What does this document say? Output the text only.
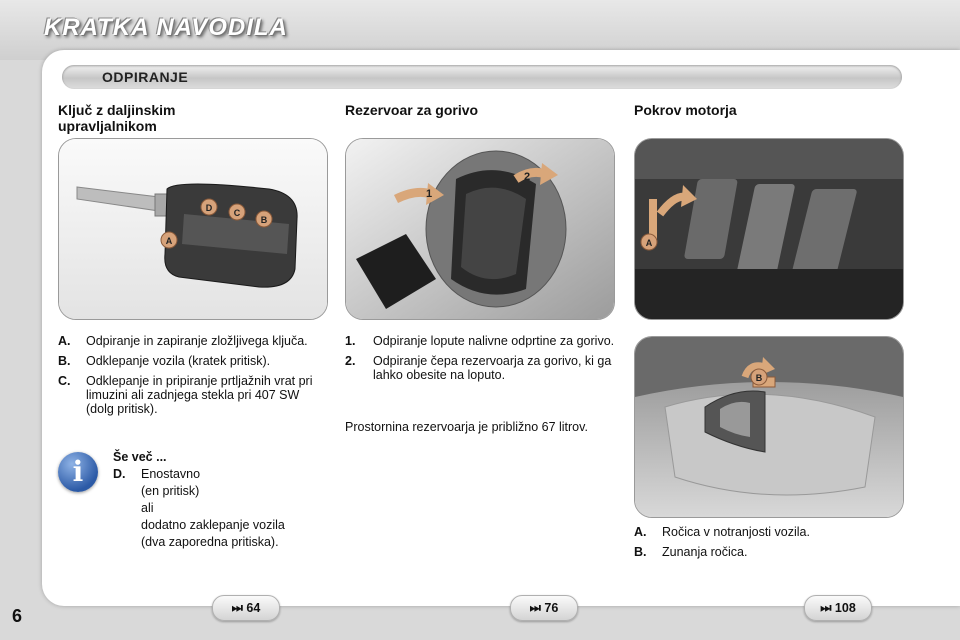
KRATKA NAVODILA
ODPIRANJE
Ključ z daljinskim
upravljalnikom
D C
B
A
A.	Odpiranje in zapiranje zložljivega ključa.
B.	Odklepanje vozila (kratek pritisk).
C.	Odklepanje in pripiranje prtljažnih vrat pri limuzini ali zadnjega stekla pri 407 SW (dolg pritisk).
i	Še več ...
D.	Enostavno
(en pritisk)
ali
dodatno zaklepanje vozila
(dva zaporedna pritiska).
Rezervoar za gorivo
1
2
1.	Odpiranje lopute nalivne odprtine za gorivo.
2.	Odpiranje čepa rezervoarja za gorivo, ki ga lahko obesite na loputo.
Prostornina rezervoarja je približno 67 litrov.
Pokrov motorja
A
B
A.	Ročica v notranjosti vozila.
B.	Zunanja ročica.
⏭ 64	⏭ 76	⏭ 108
6
